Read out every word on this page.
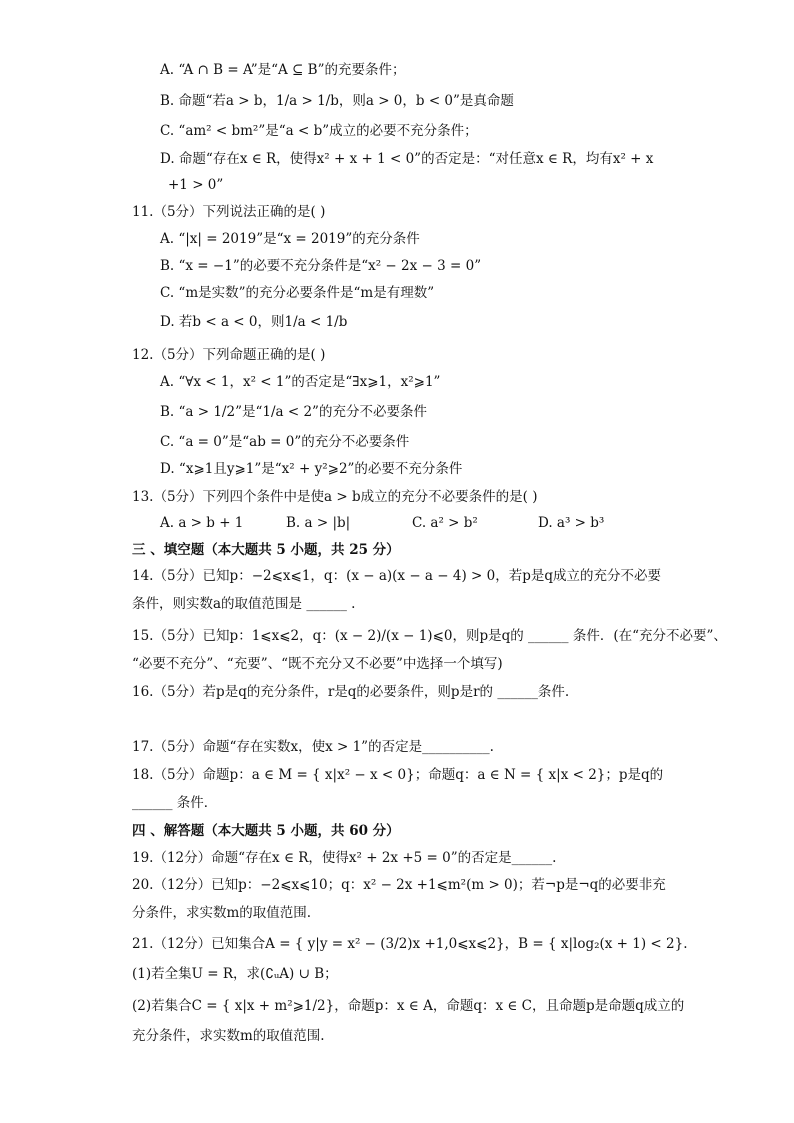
A. “A ∩ B = A”是“A ⊆ B”的充要条件；
B. 命题“若a > b，1/a > 1/b，则a > 0，b < 0”是真命题
C. “am² < bm²”是“a < b”成立的必要不充分条件；
D. 命题“存在x ∈ R，使得x² + x + 1 < 0”的否定是：“对任意x ∈ R，均有x² + x
+1 > 0”
11.（5分）下列说法正确的是( )
A. “|x| = 2019”是“x = 2019”的充分条件
B. “x = −1”的必要不充分条件是“x² − 2x − 3 = 0”
C. “m是实数”的充分必要条件是“m是有理数”
D. 若b < a < 0，则1/a < 1/b
12.（5分）下列命题正确的是( )
A. “∀x < 1，x² < 1”的否定是“∃x⩾1，x²⩾1”
B. “a > 1/2”是“1/a < 2”的充分不必要条件
C. “a = 0”是“ab = 0”的充分不必要条件
D. “x⩾1且y⩾1”是“x² + y²⩾2”的必要不充分条件
13.（5分）下列四个条件中是使a > b成立的充分不必要条件的是( )
三 、填空题（本大题共 5 小题，共 25 分）
14.（5分）已知p：−2⩽x⩽1，q：(x − a)(x − a − 4) > 0，若p是q成立的充分不必要
条件，则实数a的取值范围是 ______ .
15.（5分）已知p：1⩽x⩽2，q：(x − 2)/(x − 1)⩽0，则p是q的 ______ 条件．(在“充分不必要”、
“必要不充分”、“充要”、“既不充分又不必要”中选择一个填写)
16.（5分）若p是q的充分条件，r是q的必要条件，则p是r的 ______条件.
17.（5分）命题“存在实数x，使x > 1”的否定是__________.
18.（5分）命题p：a ∈ M = { x|x² − x < 0}；命题q：a ∈ N = { x|x < 2}；p是q的
______ 条件．
四 、解答题（本大题共 5 小题，共 60 分）
19.（12分）命题“存在x ∈ R，使得x² + 2x +5 = 0”的否定是______.
20.（12分）已知p：−2⩽x⩽10；q：x² − 2x +1⩽m²(m > 0)；若¬p是¬q的必要非充
分条件，求实数m的取值范围.
21.（12分）已知集合A = { y|y = x² − (3/2)x +1,0⩽x⩽2}，B = { x|log₂(x + 1) < 2}.
(1)若全集U = R，求(∁ᵤA) ∪ B；
(2)若集合C = { x|x + m²⩾1/2}，命题p：x ∈ A，命题q：x ∈ C，且命题p是命题q成立的
充分条件，求实数m的取值范围.
A. a > b + 1	B. a > |b|	C. a² > b²	D. a³ > b³
